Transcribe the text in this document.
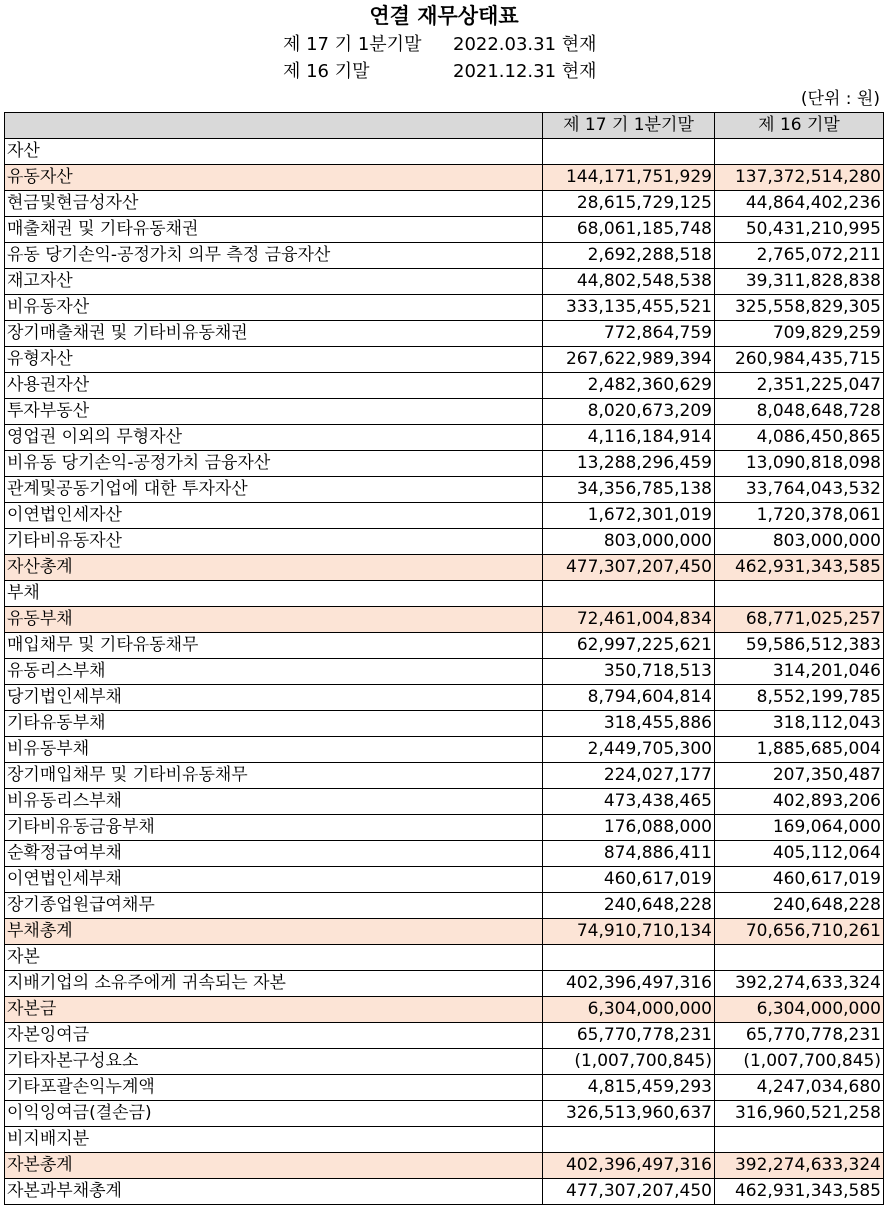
연결 재무상태표
제 17 기 1분기말 2022.03.31 현재
제 16 기말	2021.12.31 현재
(단위 : 원)
	제 17 기 1분기말	제 16 기말
자산		
유동자산	144,171,751,929	137,372,514,280
현금및현금성자산	28,615,729,125	44,864,402,236
매출채권 및 기타유동채권	68,061,185,748	50,431,210,995
유동 당기손익-공정가치 의무 측정 금융자산	2,692,288,518	2,765,072,211
재고자산	44,802,548,538	39,311,828,838
비유동자산	333,135,455,521	325,558,829,305
장기매출채권 및 기타비유동채권	772,864,759	709,829,259
유형자산	267,622,989,394	260,984,435,715
사용권자산	2,482,360,629	2,351,225,047
투자부동산	8,020,673,209	8,048,648,728
영업권 이외의 무형자산	4,116,184,914	4,086,450,865
비유동 당기손익-공정가치 금융자산	13,288,296,459	13,090,818,098
관계및공동기업에 대한 투자자산	34,356,785,138	33,764,043,532
이연법인세자산	1,672,301,019	1,720,378,061
기타비유동자산	803,000,000	803,000,000
자산총계	477,307,207,450	462,931,343,585
부채		
유동부채	72,461,004,834	68,771,025,257
매입채무 및 기타유동채무	62,997,225,621	59,586,512,383
유동리스부채	350,718,513	314,201,046
당기법인세부채	8,794,604,814	8,552,199,785
기타유동부채	318,455,886	318,112,043
비유동부채	2,449,705,300	1,885,685,004
장기매입채무 및 기타비유동채무	224,027,177	207,350,487
비유동리스부채	473,438,465	402,893,206
기타비유동금융부채	176,088,000	169,064,000
순확정급여부채	874,886,411	405,112,064
이연법인세부채	460,617,019	460,617,019
장기종업원급여채무	240,648,228	240,648,228
부채총계	74,910,710,134	70,656,710,261
자본		
지배기업의 소유주에게 귀속되는 자본	402,396,497,316	392,274,633,324
자본금	6,304,000,000	6,304,000,000
자본잉여금	65,770,778,231	65,770,778,231
기타자본구성요소	(1,007,700,845)	(1,007,700,845)
기타포괄손익누계액	4,815,459,293	4,247,034,680
이익잉여금(결손금)	326,513,960,637	316,960,521,258
비지배지분		
자본총계	402,396,497,316	392,274,633,324
자본과부채총계	477,307,207,450	462,931,343,585
